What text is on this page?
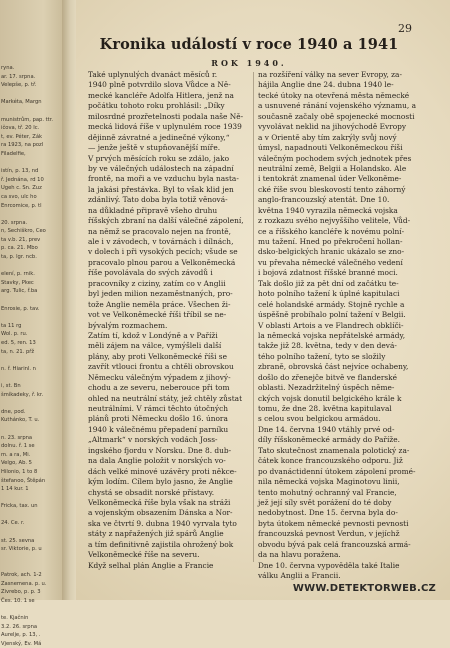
ryna.
ar. 17. srpna.
Velepše, p. tř.

Markéta, Margn

munistrům, pap. ttr.
ičova, tř. 20 Ic.
t, ev. Péter, Zák
ra 1923, na pozl
Filadelfie,

istín, p. 13, nd
ř. Jednána, rd 10
Ugeh c. Sn. Zuz
ca svo, ulc ho
Enrcomice, p. tl

20. srpna.
n, Sechiškro, Ceo
ta v.b. 21, prev
p. ca. 21. Mbo
ta, p. lgr. ncb.

elení, p. rnik.
Stavky, Pkec
arg. Tulic, ř.ba

Enrosie, p. tav.

ta 11 rg
Wol. p. ru.
ed. 5, ren. 13
ta, n. 21. přž

n. ř. Hiarinl. n

i, st. Bn
šmíkadeky, ř. kr.

dne, pod.
Kuthánko, T. u.

n. 23. srpna
dolnu. ř. 1 se
m. a ra, Mi.
Velgo, Ab. 5
Hilonio, 1 to 8
štefanoo, Štěpán
1 14 kur. 1

Fricka, tax. un

24. Ce. r.

st. 25. sevna
sr. Viktorie, p. u

Patrok, ach. 1-2
Zasnemena. p. u.
Zivrebo, p. p. 3
Čes. 10. 1 se

te. Kjačnin
3.2. 26. srpna
Aurelje, p. 13, .
Vjenský, Ev. Má
29
Kronika událostí v roce 1940 a 1941
ROK 1940.
Také uplynulých dvanáct měsíců r.
1940 plně potvrdilo slova Vůdce a Ně-
mecké kancléře Adolfa Hitlera, jenž na
počátku tohoto roku prohlásil: „Díky
milosrdné prozřetelnosti podala naše Ně-
mecká lidová říše v uplynulém roce 1939
dějinně závratné a jedinečné výkony,“
— jenže ještě v stupňovanější míře.
V prvých měsících roku se zdálo, jako
by ve válečných událostech na západní
frontě, na moři a ve vzduchu byla nasta-
la jakási přestávka. Byl to však klid jen
zdánlivý. Tato doba byla totiž věnová-
na důkladné připravě všeho druhu
říšských zbraní na další válečné zápolení,
na němž se pracovalo nejen na frontě,
ale i v závodech, v továrnách i dílnách,
v dolech i při vysokých pecích; všude se
pracovalo plnou parou a Velkoněmecká
říše povolávala do svých závodů i
pracovníky z ciziny, zatím co v Anglii
byl jeden milion nezaměstnaných, pro-
tože Anglie neměla práce. Všechen ži-
vot ve Velkoněmecké říši tříbil se ne-
bývalým rozmachem.
Zatím tí, kdož v Londýně a v Paříži
měli zájem na válce, vymýšleli další
plány, aby proti Velkoněmecké říši se
zavřít vtlouci frontu a chtěli obrovskou
Německu válečným výpadem z jihový-
chodu a ze severu, neberouce při tom
ohled na neutrální státy, jež chtěly zůstat
neutrálními. V rámci těchto útočných
plánů proti Německu došlo 16. února
1940 k válečnému přepadení parníku
„Altmark“ v norských vodách Joss-
ingského fjordu v Norsku. Dne 8. dub-
na dala Anglie položit v norských vo-
dách velké minové uzávěry proti někce-
kým lodím. Cílem bylo jasno, že Anglie
chystá se obsadit norské přístavy.
Velkoněmecká říše byla však na stráži
a vojenským obsazením Dánska a Nor-
ska ve čtvrtí 9. dubna 1940 vyrvala tyto
státy z napřažených již spárů Anglie
a tím definitivně zajistila ohrožený bok
Velkoněmecké říše na severu.
Když selhal plán Anglie a Francie
na rozšíření války na sever Evropy, za-
hájila Anglie dne 24. dubna 1940 le-
tecké útoky na otevřená města německé
a usnuvené ránání vojenského významu, a
současně začaly obě spojenecké mocnosti
vyvolávat neklid na jihovýchodě Evropy
a v Orientě aby tím zakrýly svůj nový
úmysl, napadnouti Velkoněmeckou říši
válečným pochodem svých jednotek přes
neutrální země, Belgii a Holandsko. Ale
i tentokrát znamenal úder Velkoněme-
cké říše svou bleskovostí tento záhorný
anglo-francouzský atentát. Dne 10.
května 1940 vyrazila německá vojska
z rozkazu svého nejvyššího velitele, Vůd-
ce a říšského kancléře k novému polní-
mu tažení. Hned po překročení hollan-
dsko-belgických hranic ukázalo se zno-
vu převaha německé válečného vedení
i bojová zdatnost říšské branné moci.
Tak došlo již za pět dní od začátku te-
hoto polního tažení k úplné kapitulaci
celé holandské armády. Stojně rychle a
úspěšně probíhalo polní tažení v Belgii.
V oblasti Artois a ve Flandrech obklíči-
la německá vojska nepřátelské armády,
takže již 28. května, tedy v den devá-
tého polního tažení, tyto se složily
zbraně, obrovská část nejvíce ochabeny,
došlo do zřenejče bitvě ve flanderské
oblasti. Nezadržitelný úspěch něme-
ckých vojsk donutil belgického krále k
tomu, že dne 28. května kapitulaval
s celou svou belgickou armádou.
Dne 14. června 1940 vtáhly prvé od-
díly říšskoněmecké armády do Paříže.
Tato skutečnost znamenala polotický za-
čátek konce francouzského odporu. Již
po dvanáctidenní útokem zápolení promé-
nila německá vojska Maginotovu linii,
tento mohutný ochranný val Francie,
jež její síly svět porážení do té doby
nedobytnost. Dne 15. června byla do-
byta útokem německé pevnosti pevnosti
francouzská pevnost Verdun, v jejíchž
obvodu bývá pak celá francouzská armá-
da na hlavu poražena.
Dne 10. června vypověděla také Italie
válku Anglii a Francii.
WWW.DETEKTORWEB.CZ
